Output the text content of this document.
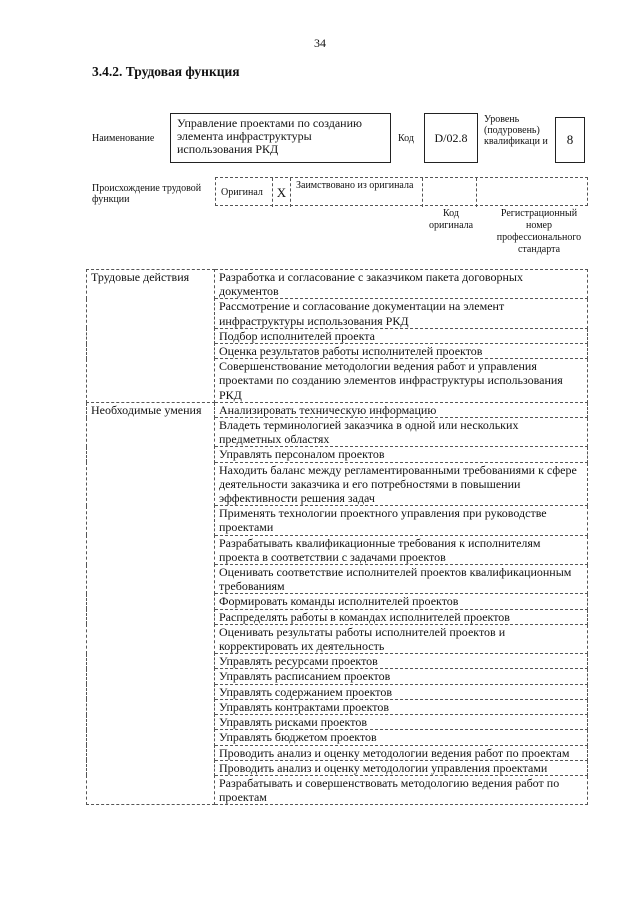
34
3.4.2. Трудовая функция
Наименование
Управление проектами по созданию элемента инфраструктуры использования РКД
Код D/02.8
Уровень (подуровень) квалификаци и 8
Происхождение трудовой функции
Оригинал	X Заимствовано из оригинала
Код оригинала
Регистрационный номер профессионального стандарта
Трудовые действия	Разработка и согласование с заказчиком пакета договорных документов
	Рассмотрение и согласование документации на элемент инфраструктуры использования РКД
	Подбор исполнителей проекта
	Оценка результатов работы исполнителей проектов
	Совершенствование методологии ведения работ и управления проектами по созданию элементов инфраструктуры использования РКД
Необходимые умения	Анализировать техническую информацию
	Владеть терминологией заказчика в одной или нескольких предметных областях
	Управлять персоналом проектов
	Находить баланс между регламентированными требованиями к сфере деятельности заказчика и его потребностями в повышении эффективности решения задач
	Применять технологии проектного управления при руководстве проектами
	Разрабатывать квалификационные требования к исполнителям проекта в соответствии с задачами проектов
	Оценивать соответствие исполнителей проектов квалификационным требованиям
	Формировать команды исполнителей проектов
	Распределять работы в командах исполнителей проектов
	Оценивать результаты работы исполнителей проектов и корректировать их деятельность
	Управлять ресурсами проектов
	Управлять расписанием проектов
	Управлять содержанием проектов
	Управлять контрактами проектов
	Управлять рисками проектов
	Управлять бюджетом проектов
	Проводить анализ и оценку методологии ведения работ по проектам
	Проводить анализ и оценку методологии управления проектами
	Разрабатывать и совершенствовать методологию ведения работ по проектам
